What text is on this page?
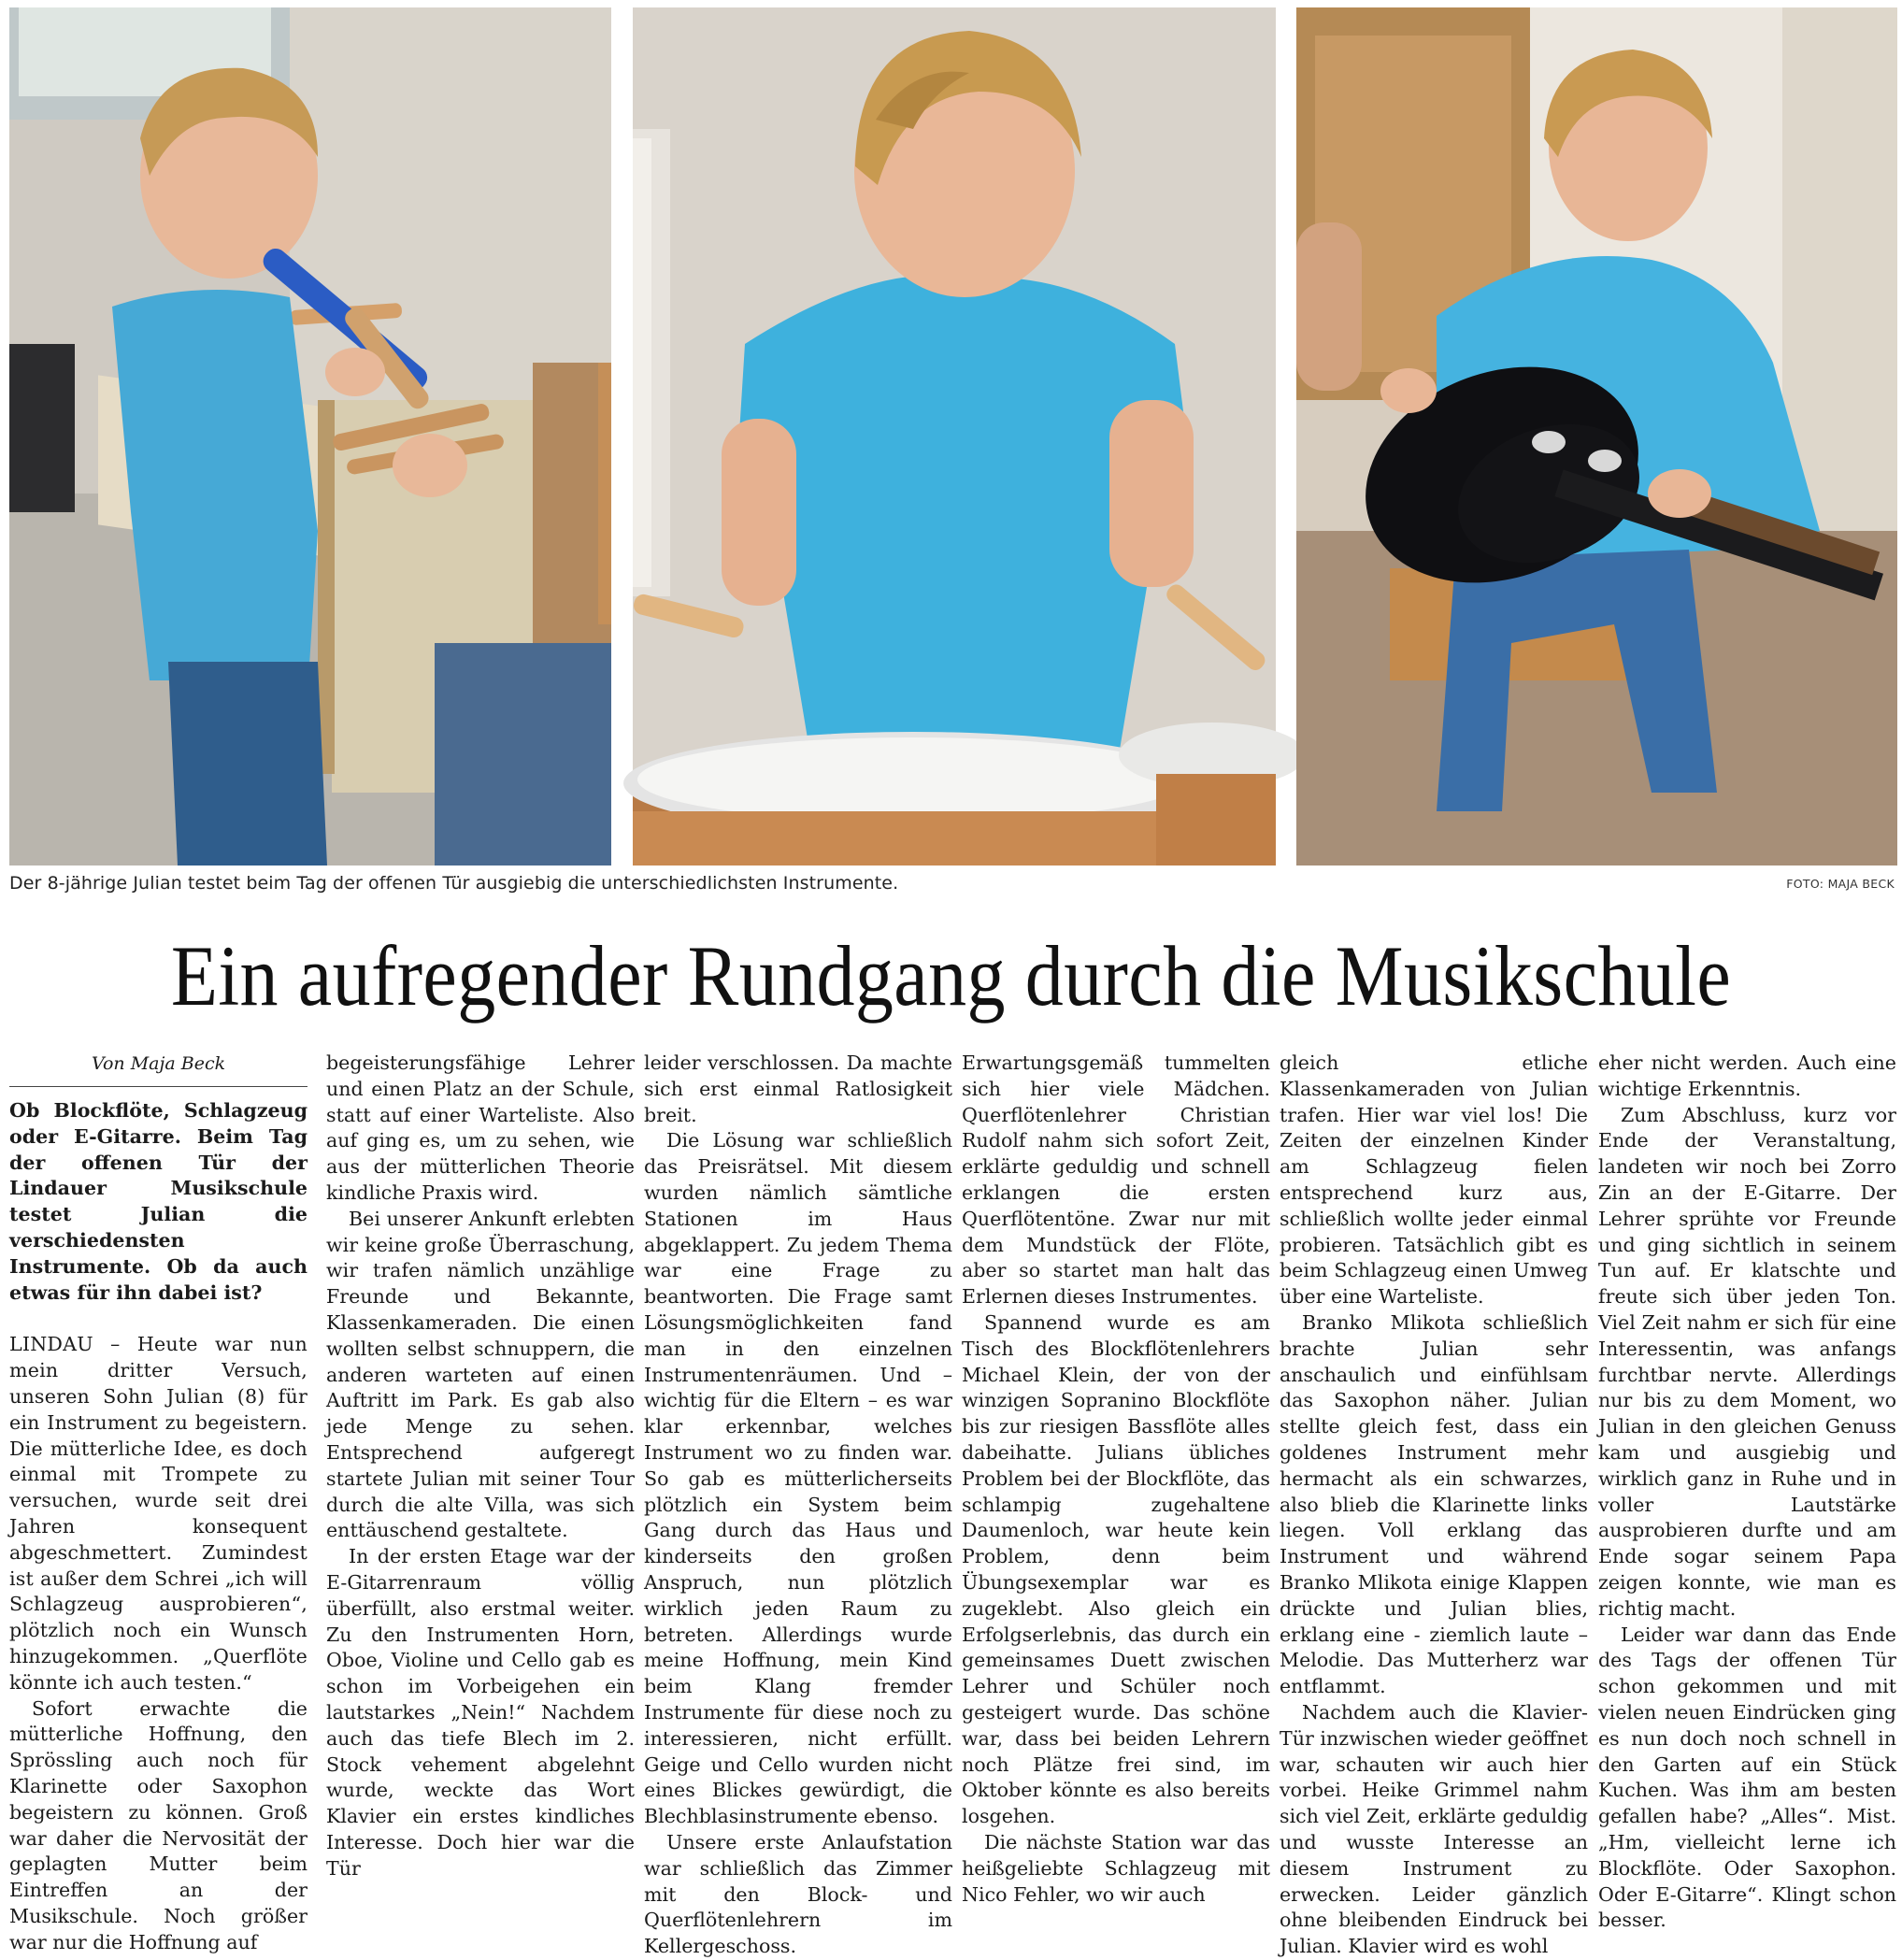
Der 8-jährige Julian testet beim Tag der offenen Tür ausgiebig die unterschiedlichsten Instrumente.	FOTO: MAJA BECK
Ein aufregender Rundgang durch die Musikschule
Von Maja Beck
Ob Blockflöte, Schlagzeug oder E-Gitarre. Beim Tag der offenen Tür der Lindauer Musikschule testet Julian die verschiedensten Instrumente. Ob da auch etwas für ihn dabei ist?

LINDAU – Heute war nun mein dritter Versuch, unseren Sohn Julian (8) für ein Instrument zu begeistern. Die mütterliche Idee, es doch einmal mit Trompete zu versuchen, wurde seit drei Jahren konsequent abgeschmettert. Zumindest ist außer dem Schrei „ich will Schlagzeug ausprobieren“, plötzlich noch ein Wunsch hinzugekommen. „Querflöte könnte ich auch testen.“

Sofort erwachte die mütterliche Hoffnung, den Sprössling auch noch für Klarinette oder Saxophon begeistern zu können. Groß war daher die Nervosität der geplagten Mutter beim Eintreffen an der Musikschule. Noch größer war nur die Hoffnung auf

begeisterungsfähige Lehrer und einen Platz an der Schule, statt auf einer Warteliste. Also auf ging es, um zu sehen, wie aus der mütterlichen Theorie kindliche Praxis wird.

Bei unserer Ankunft erlebten wir keine große Überraschung, wir trafen nämlich unzählige Freunde und Bekannte, Klassenkameraden. Die einen wollten selbst schnuppern, die anderen warteten auf einen Auftritt im Park. Es gab also jede Menge zu sehen. Entsprechend aufgeregt startete Julian mit seiner Tour durch die alte Villa, was sich enttäuschend gestaltete.

In der ersten Etage war der E-Gitarrenraum völlig überfüllt, also erstmal weiter. Zu den Instrumenten Horn, Oboe, Violine und Cello gab es schon im Vorbeigehen ein lautstarkes „Nein!“ Nachdem auch das tiefe Blech im 2. Stock vehement abgelehnt wurde, weckte das Wort Klavier ein erstes kindliches Interesse. Doch hier war die Tür

leider verschlossen. Da machte sich erst einmal Ratlosigkeit breit.

Die Lösung war schließlich das Preisrätsel. Mit diesem wurden nämlich sämtliche Stationen im Haus abgeklappert. Zu jedem Thema war eine Frage zu beantworten. Die Frage samt Lösungsmöglichkeiten fand man in den einzelnen Instrumentenräumen. Und – wichtig für die Eltern – es war klar erkennbar, welches Instrument wo zu finden war. So gab es mütterlicherseits plötzlich ein System beim Gang durch das Haus und kinderseits den großen Anspruch, nun plötzlich wirklich jeden Raum zu betreten. Allerdings wurde meine Hoffnung, mein Kind beim Klang fremder Instrumente für diese noch zu interessieren, nicht erfüllt. Geige und Cello wurden nicht eines Blickes gewürdigt, die Blechblasinstrumente ebenso.

Unsere erste Anlaufstation war schließlich das Zimmer mit den Block- und Querflötenlehrern im Kellergeschoss.

Erwartungsgemäß tummelten sich hier viele Mädchen. Querflötenlehrer Christian Rudolf nahm sich sofort Zeit, erklärte geduldig und schnell erklangen die ersten Querflötentöne. Zwar nur mit dem Mundstück der Flöte, aber so startet man halt das Erlernen dieses Instrumentes.

Spannend wurde es am Tisch des Blockflötenlehrers Michael Klein, der von der winzigen Sopranino Blockflöte bis zur riesigen Bassflöte alles dabeihatte. Julians übliches Problem bei der Blockflöte, das schlampig zugehaltene Daumenloch, war heute kein Problem, denn beim Übungsexemplar war es zugeklebt. Also gleich ein Erfolgserlebnis, das durch ein gemeinsames Duett zwischen Lehrer und Schüler noch gesteigert wurde. Das schöne war, dass bei beiden Lehrern noch Plätze frei sind, im Oktober könnte es also bereits losgehen.

Die nächste Station war das heißgeliebte Schlagzeug mit Nico Fehler, wo wir auch

gleich etliche Klassenkameraden von Julian trafen. Hier war viel los! Die Zeiten der einzelnen Kinder am Schlagzeug fielen entsprechend kurz aus, schließlich wollte jeder einmal probieren. Tatsächlich gibt es beim Schlagzeug einen Umweg über eine Warteliste.

Branko Mlikota schließlich brachte Julian sehr anschaulich und einfühlsam das Saxophon näher. Julian stellte gleich fest, dass ein goldenes Instrument mehr hermacht als ein schwarzes, also blieb die Klarinette links liegen. Voll erklang das Instrument und während Branko Mlikota einige Klappen drückte und Julian blies, erklang eine - ziemlich laute – Melodie. Das Mutterherz war entflammt.

Nachdem auch die Klavier-Tür inzwischen wieder geöffnet war, schauten wir auch hier vorbei. Heike Grimmel nahm sich viel Zeit, erklärte geduldig und wusste Interesse an diesem Instrument zu erwecken. Leider gänzlich ohne bleibenden Eindruck bei Julian. Klavier wird es wohl

eher nicht werden. Auch eine wichtige Erkenntnis.

Zum Abschluss, kurz vor Ende der Veranstaltung, landeten wir noch bei Zorro Zin an der E-Gitarre. Der Lehrer sprühte vor Freunde und ging sichtlich in seinem Tun auf. Er klatschte und freute sich über jeden Ton. Viel Zeit nahm er sich für eine Interessentin, was anfangs furchtbar nervte. Allerdings nur bis zu dem Moment, wo Julian in den gleichen Genuss kam und ausgiebig und wirklich ganz in Ruhe und in voller Lautstärke ausprobieren durfte und am Ende sogar seinem Papa zeigen konnte, wie man es richtig macht.

Leider war dann das Ende des Tags der offenen Tür schon gekommen und mit vielen neuen Eindrücken ging es nun doch noch schnell in den Garten auf ein Stück Kuchen. Was ihm am besten gefallen habe? „Alles“. Mist. „Hm, vielleicht lerne ich Blockflöte. Oder Saxophon. Oder E-Gitarre“. Klingt schon besser.
